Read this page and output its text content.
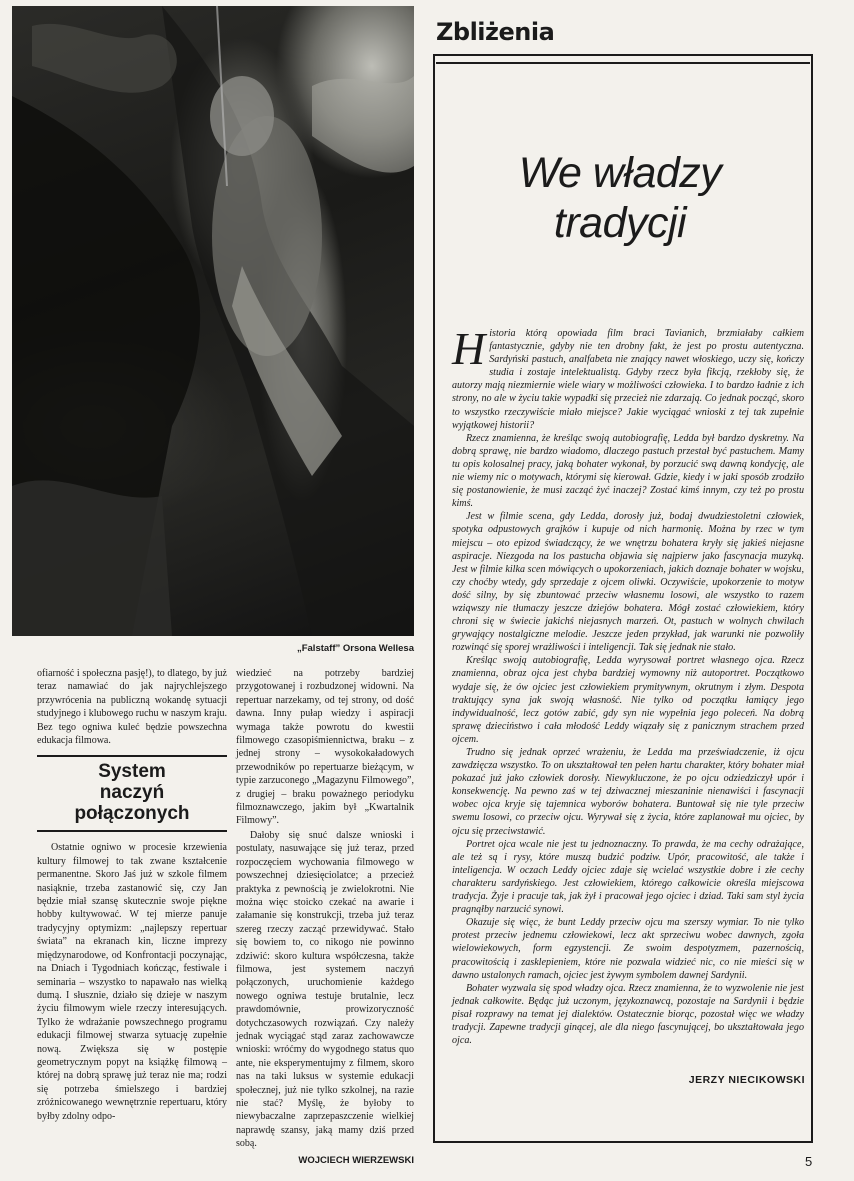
„Falstaff” Orsona Wellesa

ofiarność i społeczna pasję!), to dlatego, by już teraz namawiać do jak najrychlejszego przywrócenia na publiczną wokandę sytuacji studyjnego i klubowego ruchu w naszym kraju. Bez tego ogniwa kuleć będzie powszechna edukacja filmowa.

System
naczyń
połączonych

Ostatnie ogniwo w procesie krzewienia kultury filmowej to tak zwane kształcenie permanentne. Skoro Jaś już w szkole filmem nasiąknie, trzeba zastanowić się, czy Jan będzie miał szansę skutecznie swoje piękne hobby kultywować. W tej mierze panuje tradycyjny optymizm: „najlepszy repertuar świata” na ekranach kin, liczne imprezy międzynarodowe, od Konfrontacji poczynając, na Dniach i Tygodniach kończąc, festiwale i seminaria – wszystko to napawało nas wielką dumą. I słusznie, działo się dzieje w naszym życiu filmowym wiele rzeczy interesujących. Tylko że wdrażanie powszechnego programu edukacji filmowej stwarza sytuację zupełnie nową. Zwiększa się w postępie geometrycznym popyt na książkę filmową – której na dobrą sprawę już teraz nie ma; rodzi się potrzeba śmielszego i bardziej zróżnicowanego wewnętrznie repertuaru, który byłby zdolny odpo-

wiedzieć na potrzeby bardziej przygotowanej i rozbudzonej widowni. Na repertuar narzekamy, od tej strony, od dość dawna. Inny pułap wiedzy i aspiracji wymaga także powrotu do kwestii filmowego czasopiśmiennictwa, braku – z jednej strony – wysokokaładowych przewodników po repertuarze bieżącym, w typie zarzuconego „Magazynu Filmowego”, z drugiej – braku poważnego periodyku filmoznawczego, jakim był „Kwartalnik Filmowy”.

Dałoby się snuć dalsze wnioski i postulaty, nasuwające się już teraz, przed rozpoczęciem wychowania filmowego w powszechnej dziesięciolatce; a przecież praktyka z pewnością je zwielokrotni. Nie można więc stoicko czekać na awarie i załamanie się konstrukcji, trzeba już teraz szereg rzeczy zacząć przewidywać. Stało się bowiem to, co nikogo nie powinno zdziwić: skoro kultura współczesna, także filmowa, jest systemem naczyń połączonych, uruchomienie każdego nowego ogniwa testuje brutalnie, lecz prawdomównie, prowizoryczność dotychczasowych rozwiązań. Czy należy jednak wyciągać stąd zaraz zachowawcze wnioski: wróćmy do wygodnego status quo ante, nie eksperymentujmy z filmem, skoro nas na taki luksus w systemie edukacji społecznej, już nie tylko szkolnej, na razie nie stać? Myślę, że byłoby to niewybaczalne zaprzepaszczenie wielkiej naprawdę szansy, jaką mamy dziś przed sobą.

WOJCIECH WIERZEWSKI
Zbliżenia
We władzy
tradycji

Historia którą opowiada film braci Tavianich, brzmiałaby całkiem fantastycznie, gdyby nie ten drobny fakt, że jest po prostu autentyczna. Sardyński pastuch, analfabeta nie znający nawet włoskiego, uczy się, kończy studia i zostaje intelektualistą. Gdyby rzecz była fikcją, rzekłoby się, że autorzy mają niezmiernie wiele wiary w możliwości człowieka. I to bardzo ładnie z ich strony, no ale w życiu takie wypadki się przecież nie zdarzają. Co jednak począć, skoro to wszystko rzeczywiście miało miejsce? Jakie wyciągać wnioski z tej tak zupełnie wyjątkowej historii?

Rzecz znamienna, że kreśląc swoją autobiografię, Ledda był bardzo dyskretny. Na dobrą sprawę, nie bardzo wiadomo, dlaczego pastuch przestał być pastuchem. Mamy tu opis kolosalnej pracy, jaką bohater wykonał, by porzucić swą dawną kondycję, ale nie wiemy nic o motywach, którymi się kierował. Gdzie, kiedy i w jaki sposób zrodziło się postanowienie, że musi zacząć żyć inaczej? Zostać kimś innym, czy też po prostu kimś.

Jest w filmie scena, gdy Ledda, dorosły już, bodaj dwudziestoletni człowiek, spotyka odpustowych grajków i kupuje od nich harmonię. Można by rzec w tym miejscu – oto epizod świadczący, że we wnętrzu bohatera kryły się jakieś niejasne aspiracje. Niezgoda na los pastucha objawia się najpierw jako fascynacja muzyką. Jest w filmie kilka scen mówiących o upokorzeniach, jakich doznaje bohater w wojsku, czy choćby wtedy, gdy sprzedaje z ojcem oliwki. Oczywiście, upokorzenie to motyw dość silny, by się zbuntować przeciw własnemu losowi, ale wszystko to razem wziąwszy nie tłumaczy jeszcze dziejów bohatera. Mógł zostać człowiekiem, który chroni się w świecie jakichś niejasnych marzeń. Ot, pastuch w wolnych chwilach grywający nostalgiczne melodie. Jeszcze jeden przykład, jak warunki nie pozwoliły rozwinąć się sporej wrażliwości i inteligencji. Tak się jednak nie stało.

Kreśląc swoją autobiografię, Ledda wyrysował portret własnego ojca. Rzecz znamienna, obraz ojca jest chyba bardziej wymowny niż autoportret. Początkowo wydaje się, że ów ojciec jest człowiekiem prymitywnym, okrutnym i złym. Despota traktujący syna jak swoją własność. Nie tylko od początku łamiący jego indywidualność, lecz gotów zabić, gdy syn nie wypełnia jego poleceń. Na dobrą sprawę dzieciństwo i cała młodość Leddy wiązały się z panicznym strachem przed ojcem.

Trudno się jednak oprzeć wrażeniu, że Ledda ma przeświadczenie, iż ojcu zawdzięcza wszystko. To on ukształtował ten pełen hartu charakter, który bohater miał pokazać już jako człowiek dorosły. Niewykluczone, że po ojcu odziedziczył upór i konsekwencję. Na pewno zaś w tej dziwacznej mieszaninie nienawiści i fascynacji wobec ojca kryje się tajemnica wyborów bohatera. Buntował się nie tyle przeciw swemu losowi, co przeciw ojcu. Wyrywał się z życia, które zaplanował mu ojciec, by ojcu się przeciwstawić.

Portret ojca wcale nie jest tu jednoznaczny. To prawda, że ma cechy odrażające, ale też są i rysy, które muszą budzić podziw. Upór, pracowitość, ale także i inteligencja. W oczach Leddy ojciec zdaje się wcielać wszystkie dobre i złe cechy charakteru sardyńskiego. Jest człowiekiem, którego całkowicie określa miejscowa tradycja. Żyje i pracuje tak, jak żył i pracował jego ojciec i dziad. Taki sam styl życia pragnąłby narzucić synowi.

Okazuje się więc, że bunt Leddy przeciw ojcu ma szerszy wymiar. To nie tylko protest przeciw jednemu człowiekowi, lecz akt sprzeciwu wobec dawnych, zgoła wielowiekowych, form egzystencji. Ze swoim despotyzmem, pazernością, pracowitością i zasklepieniem, które nie pozwala widzieć nic, co nie mieści się w dawno ustalonych ramach, ojciec jest żywym symbolem dawnej Sardynii.

Bohater wyzwala się spod władzy ojca. Rzecz znamienna, że to wyzwolenie nie jest jednak całkowite. Będąc już uczonym, językoznawcą, pozostaje na Sardynii i będzie pisał rozprawy na temat jej dialektów. Ostatecznie biorąc, pozostał więc we władzy tradycji. Zapewne tradycji ginącej, ale dla niego fascynującej, bo ukształtowała jego ojca.

JERZY NIECIKOWSKI
5
